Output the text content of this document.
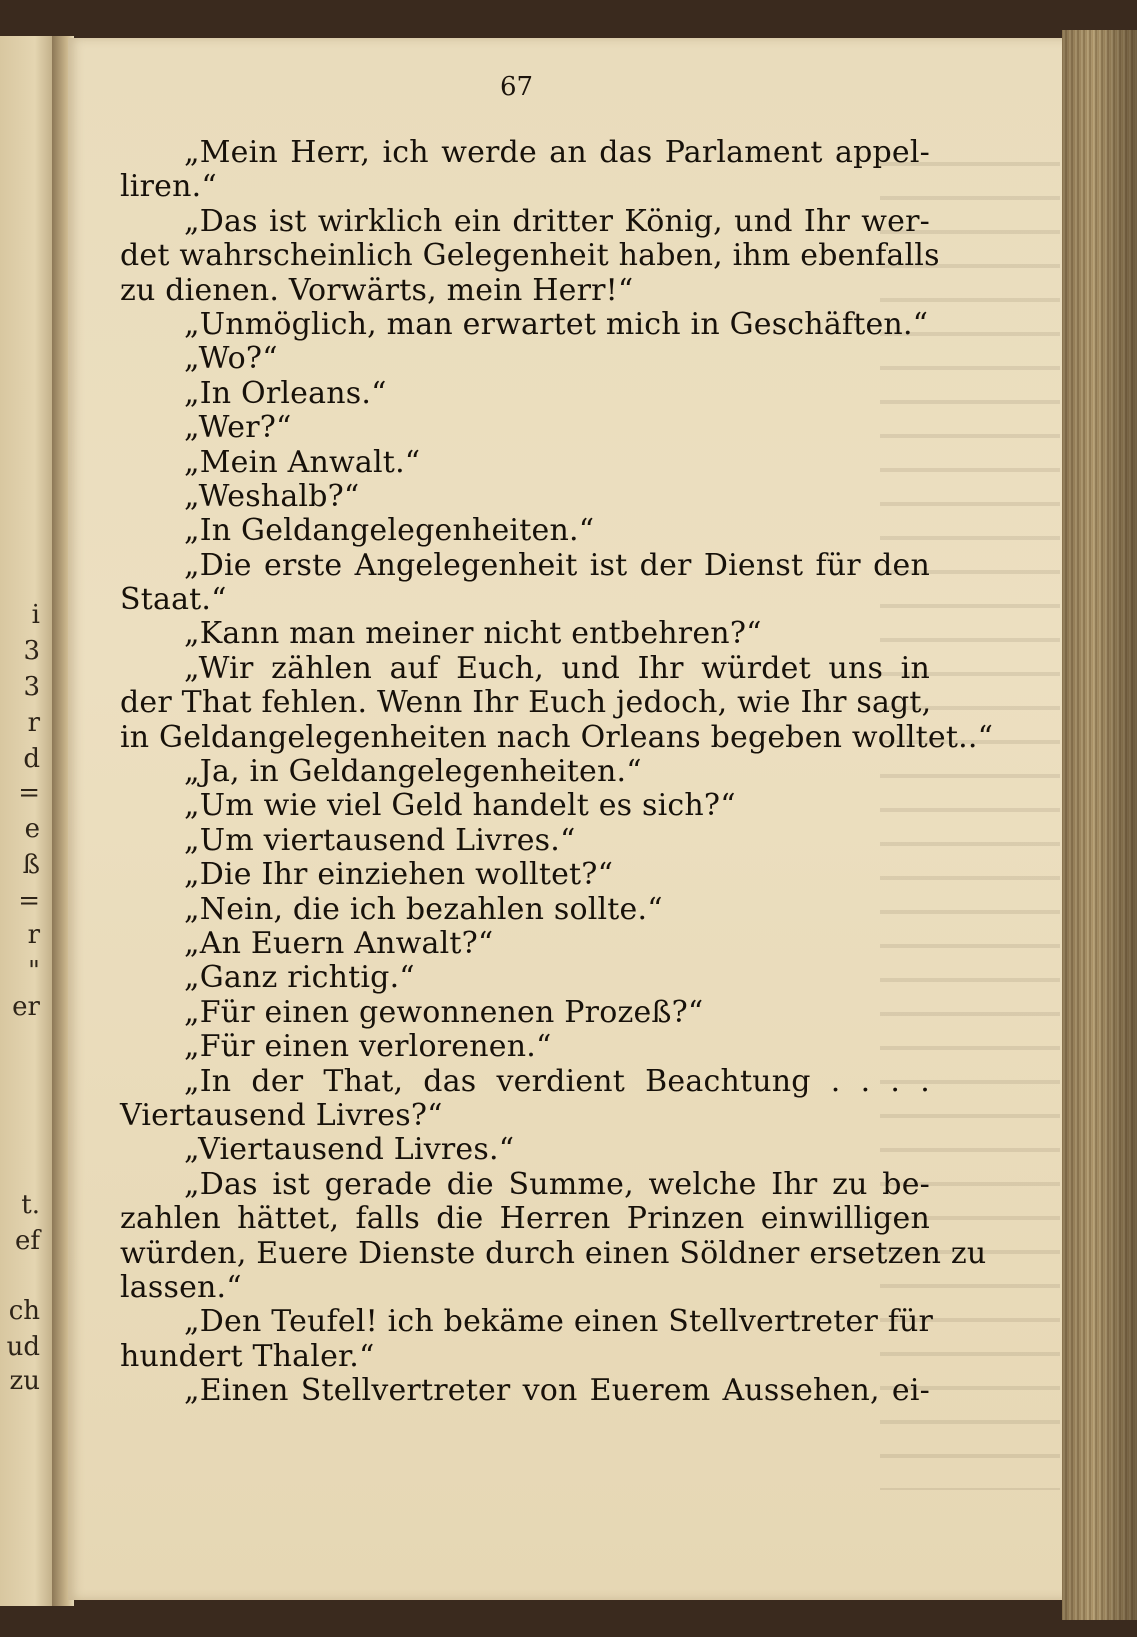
i
3
3
r
d
=
e
ß
=
r
"
er
t.
ef
ch
ud
zu
67
„Mein Herr, ich werde an das Parlament appel-
liren.“
„Das ist wirklich ein dritter König, und Ihr wer-
det wahrscheinlich Gelegenheit haben, ihm ebenfalls
zu dienen. Vorwärts, mein Herr!“
„Unmöglich, man erwartet mich in Geschäften.“
„Wo?“
„In Orleans.“
„Wer?“
„Mein Anwalt.“
„Weshalb?“
„In Geldangelegenheiten.“
„Die erste Angelegenheit ist der Dienst für den
Staat.“
„Kann man meiner nicht entbehren?“
„Wir zählen auf Euch, und Ihr würdet uns in
der That fehlen. Wenn Ihr Euch jedoch, wie Ihr sagt,
in Geldangelegenheiten nach Orleans begeben wolltet..“
„Ja, in Geldangelegenheiten.“
„Um wie viel Geld handelt es sich?“
„Um viertausend Livres.“
„Die Ihr einziehen wolltet?“
„Nein, die ich bezahlen sollte.“
„An Euern Anwalt?“
„Ganz richtig.“
„Für einen gewonnenen Prozeß?“
„Für einen verlorenen.“
„In der That, das verdient Beachtung . . . .
Viertausend Livres?“
„Viertausend Livres.“
„Das ist gerade die Summe, welche Ihr zu be-
zahlen hättet, falls die Herren Prinzen einwilligen
würden, Euere Dienste durch einen Söldner ersetzen zu
lassen.“
„Den Teufel! ich bekäme einen Stellvertreter für
hundert Thaler.“
„Einen Stellvertreter von Euerem Aussehen, ei-
